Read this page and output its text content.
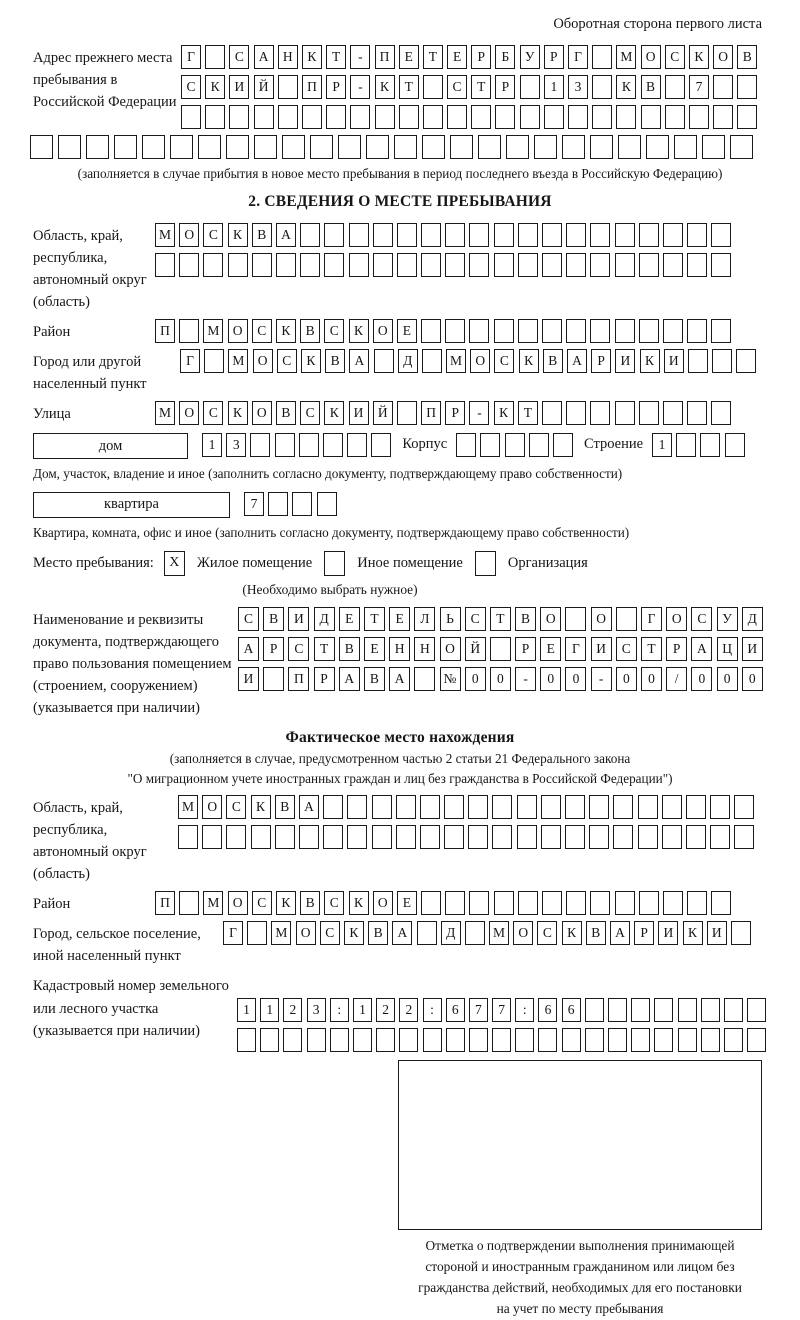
Оборотная сторона первого листа
Адрес прежнего места пребывания в Российской Федерации
Г	С	А	Н	К	Т	-	П	Е	Т	Е	Р	Б	У	Р	Г	М О	С	К	О	В
С	К	И	Й	П	Р	-	К	Т	С	Т	Р	1	3	К	В	7
(заполняется в случае прибытия в новое место пребывания в период последнего въезда в Российскую Федерацию)
2. СВЕДЕНИЯ О МЕСТЕ ПРЕБЫВАНИЯ
Область, край, республика, автономный округ (область)
М О	С	К	В	А
Район	П	М О	С	К	В	С	К	О	Е
Город или другой населенный пункт
Г	М О	С	К	В	А	Д	М О	С	К	В	А	Р	И	К	И
Улица	М О	С	К	О	В	С	К	И	Й	П	Р	-	К	Т
дом	1	3	Корпус	Строение	1
Дом, участок, владение и иное (заполнить согласно документу, подтверждающему право собственности)
квартира	7
Квартира, комната, офис и иное (заполнить согласно документу, подтверждающему право собственности)
Место пребывания:	X	Жилое помещение	Иное помещение	Организация
(Необходимо выбрать нужное)
Наименование и реквизиты документа, подтверждающего право пользования помещением (строением, сооружением) (указывается при наличии)
С	В	И	Д	Е	Т	Е	Л	Ь	С	Т	В	О	О	Г	О	С	У	Д
А	Р	С	Т	В	Е	Н	Н	О	Й	Р	Е	Г	И	С	Т	Р	А	Ц	И
И	П	Р	А	В	А	№	0	0	-	0	0	-	0	0	/	0	0	0
Фактическое место нахождения
(заполняется в случае, предусмотренном частью 2 статьи 21 Федерального закона
"О миграционном учете иностранных граждан и лиц без гражданства в Российской Федерации")
Область, край, республика, автономный округ (область)
М О	С	К	В	А
Район	П	М О	С	К	В	С	К	О	Е
Город, сельское поселение, иной населенный пункт
Г	М О	С	К	В	А	Д	М О	С	К	В	А	Р	И	К	И
Кадастровый номер земельного или лесного участка (указывается при наличии)
1	1	2	3	:	1	2	2	:	6	7	7	:	6	6
Отметка о подтверждении выполнения принимающей
стороной и иностранным гражданином или лицом без
гражданства действий, необходимых для его постановки
на учет по месту пребывания
